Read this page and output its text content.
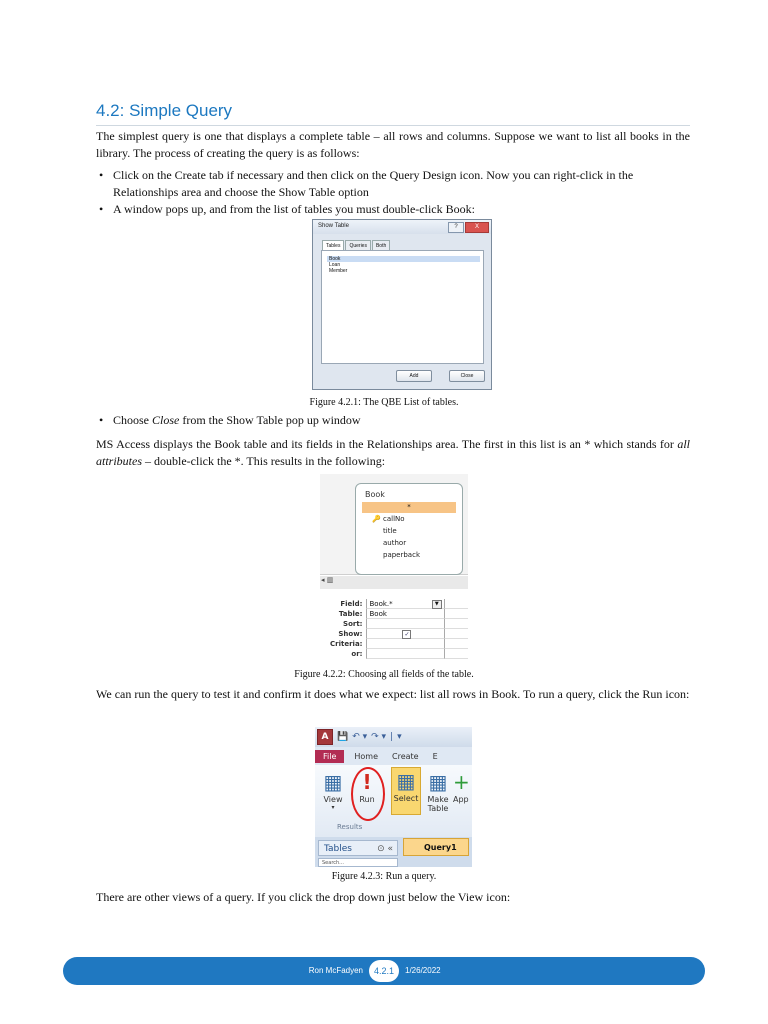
4.2: Simple Query

The simplest query is one that displays a complete table – all rows and columns. Suppose we want to list all books in the library. The process of creating the query is as follows:

• Click on the Create tab if necessary and then click on the Query Design icon. Now you can right-click in the Relationships area and choose the Show Table option
• A window pops up, and from the list of tables you must double-click Book:
Show Table	?	X
Tables	Queries	Both
Book
Loan
Member
Add	Close
Figure 4.2.1: The QBE List of tables.
• Choose Close from the Show Table pop up window

MS Access displays the Book table and its fields in the Relationships area. The first in this list is an * which stands for all attributes – double-click the *. This results in the following:

Book
*
🔑 callNo
title
author
paperback
◂ ▥
Field:	Book.*	▼
Table:	Book
Sort:
Show:	✓
Criteria:
or:
Figure 4.2.2: Choosing all fields of the table.

We can run the query to test it and confirm it does what we expect: list all rows in Book. To run a query, click the Run icon:

A 💾 ↶ ▾ ↷ ▾ | ▾
File	Home Create E
▦
View
▾
!
Run
▦
Select
▦
Make
Table
+
App
Results
Tables	⊙ «	Query1
Search...
Figure 4.2.3: Run a query.

There are other views of a query. If you click the drop down just below the View icon:

Ron McFadyen	4.2.1	1/26/2022
